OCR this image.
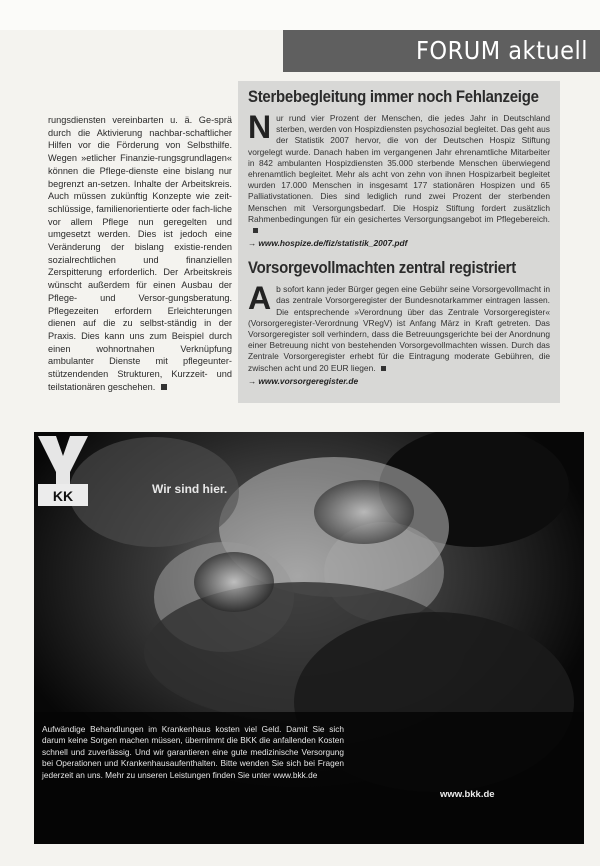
FORUM aktuell

rungsdiensten vereinbarten u. ä. Ge-sprä durch die Aktivierung nachbar-schaftlicher Hilfen vor die Förderung von Selbsthilfe. Wegen »etlicher Finanzie-rungsgrundlagen« können die Pflege-dienste eine bislang nur begrenzt an-setzen. Inhalte der Arbeitskreis. Auch müssen zukünftig Konzepte wie zeit-schlüssige, familienorientierte oder fach-liche vor allem Pflege nun geregelten und umgesetzt werden. Dies ist jedoch eine Veränderung der bislang existie-renden sozialrechtlichen und finanziellen Zerspitterung erforderlich. Der Arbeitskreis wünscht außerdem für einen Ausbau der Pflege- und Versor-gungsberatung. Pflegezeiten erfordern Erleichterungen dienen auf die zu selbst-ständig in der Praxis. Dies kann uns zum Beispiel durch einen wohnortnahen Verknüpfung ambulanter Dienste mit pflegeunter-stützendenden Strukturen, Kurzzeit- und teilstationären geschehen.

Sterbebegleitung immer noch Fehlanzeige
N ur rund vier Prozent der Menschen, die jedes Jahr in Deutschland sterben, werden von Hospizdiensten psychosozial begleitet. Das geht aus der Statistik 2007 hervor, die von der Deutschen Hospiz Stiftung vorgelegt wurde. Danach haben im vergangenen Jahr ehrenamtliche Mitarbeiter in 842 ambulanten Hospizdiensten 35.000 sterbende Menschen überwiegend ehrenamtlich begleitet. Mehr als acht von zehn von ihnen Hospizarbeit begleitet wurden 17.000 Menschen in insgesamt 177 stationären Hospizen und 65 Palliativstationen. Dies sind lediglich rund zwei Prozent der sterbenden Menschen mit Versorgungsbedarf. Die Hospiz Stiftung fordert zusätzlich Rahmenbedingungen für ein gesichertes Versorgungsangebot im Pflegebereich.
→ www.hospize.de/fiz/statistik_2007.pdf
Vorsorgevollmachten zentral registriert
A b sofort kann jeder Bürger gegen eine Gebühr seine Vorsorgevollmacht in das zentrale Vorsorgeregister der Bundesnotarkammer eintragen lassen. Die entsprechende »Verordnung über das Zentrale Vorsorgeregister« (Vorsorgeregister-Verordnung VRegV) ist Anfang März in Kraft getreten. Das Vorsorgeregister soll verhindern, dass die Betreuungsgerichte bei der Anordnung einer Betreuung nicht von bestehenden Vorsorgevollmachten wissen. Durch das Zentrale Vorsorgeregister erhebt für die Eintragung moderate Gebühren, die zwischen acht und 20 EUR liegen.
→ www.vorsorgeregister.de
Wir sind hier.
Aufwändige Behandlungen im Krankenhaus kosten viel Geld. Damit Sie sich darum keine Sorgen machen müssen, übernimmt die BKK die anfallenden Kosten schnell und zuverlässig. Und wir garantieren eine gute medizinische Versorgung bei Operationen und Krankenhausaufenthalten. Bitte wenden Sie sich bei Fragen jederzeit an uns. Mehr zu unseren Leistungen finden Sie unter www.bkk.de
www.bkk.de
KK
